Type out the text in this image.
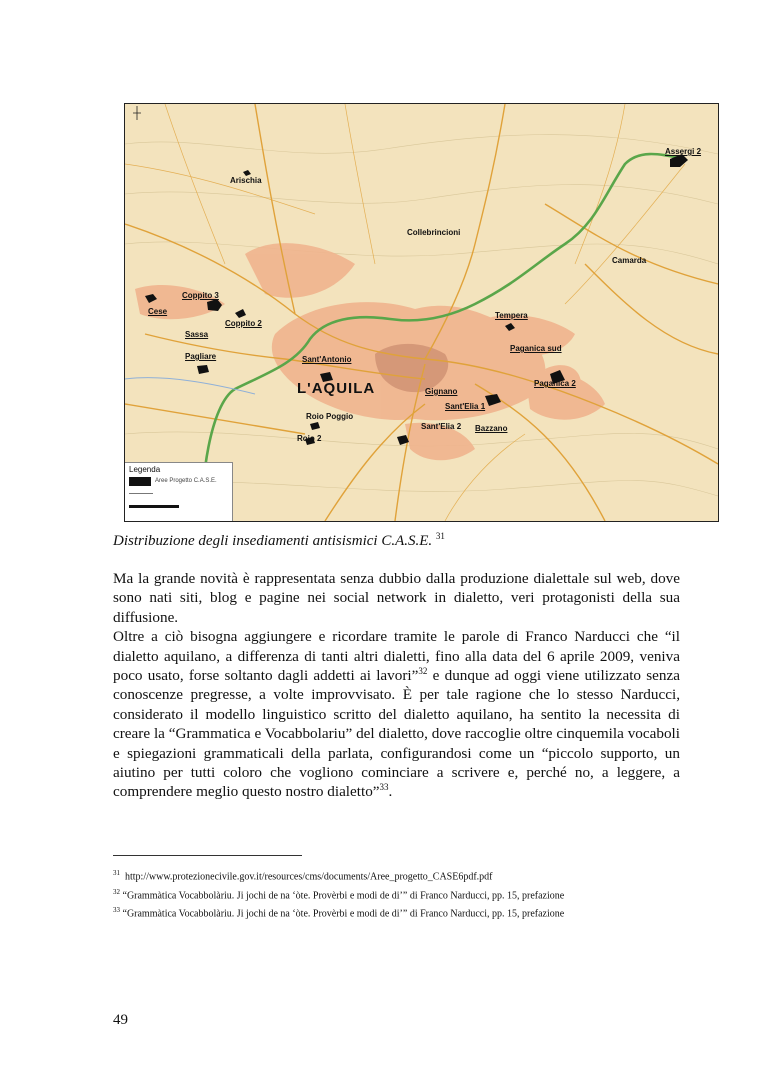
Assergi 2
Arischia
Collebrincioni
Camarda
Coppito 3
Cese
Coppito 2
Tempera
Sassa
Paganica sud
Sant'Antonio
Pagliare
L'AQUILA	Paganica 2
Gignano
Roio Poggio
Sant'Elia 1
Sant'Elia 2 Bazzano
Roio 2
Legenda
Aree Progetto C.A.S.E.
Distribuzione degli insediamenti antisismici C.A.S.E. $^{31}$

Ma la grande novità è rappresentata senza dubbio dalla produzione dialettale sul web, dove sono nati siti, blog e pagine nei social network in dialetto, veri protagonisti della sua diffusione.

Oltre a ciò bisogna aggiungere e ricordare tramite le parole di Franco Narducci che “il dialetto aquilano, a differenza di tanti altri dialetti, fino alla data del 6 aprile 2009, veniva poco usato, forse soltanto dagli addetti ai lavori”$^{32}$ e dunque ad oggi viene utilizzato senza conoscenze pregresse, a volte improvvisato. È per tale ragione che lo stesso Narducci, considerato il modello linguistico scritto del dialetto aquilano, ha sentito la necessita di creare la “Grammatica e Vocabbolariu” del dialetto, dove raccoglie oltre cinquemila vocaboli e spiegazioni grammaticali della parlata, configurandosi come un “piccolo supporto, un aiutino per tutti coloro che vogliono cominciare a scrivere e, perché no, a leggere, a comprendere meglio questo nostro dialetto”$^{33}$.

$^{31}$ http://www.protezionecivile.gov.it/resources/cms/documents/Aree_progetto_CASE6pdf.pdf
$^{32}$ “Grammàtica Vocabbolàriu. Ji jochi de na ‘òte. Provèrbi e modi de di’” di Franco Narducci, pp. 15, prefazione
$^{33}$ “Grammàtica Vocabbolàriu. Ji jochi de na ‘òte. Provèrbi e modi de di’” di Franco Narducci, pp. 15, prefazione
49
